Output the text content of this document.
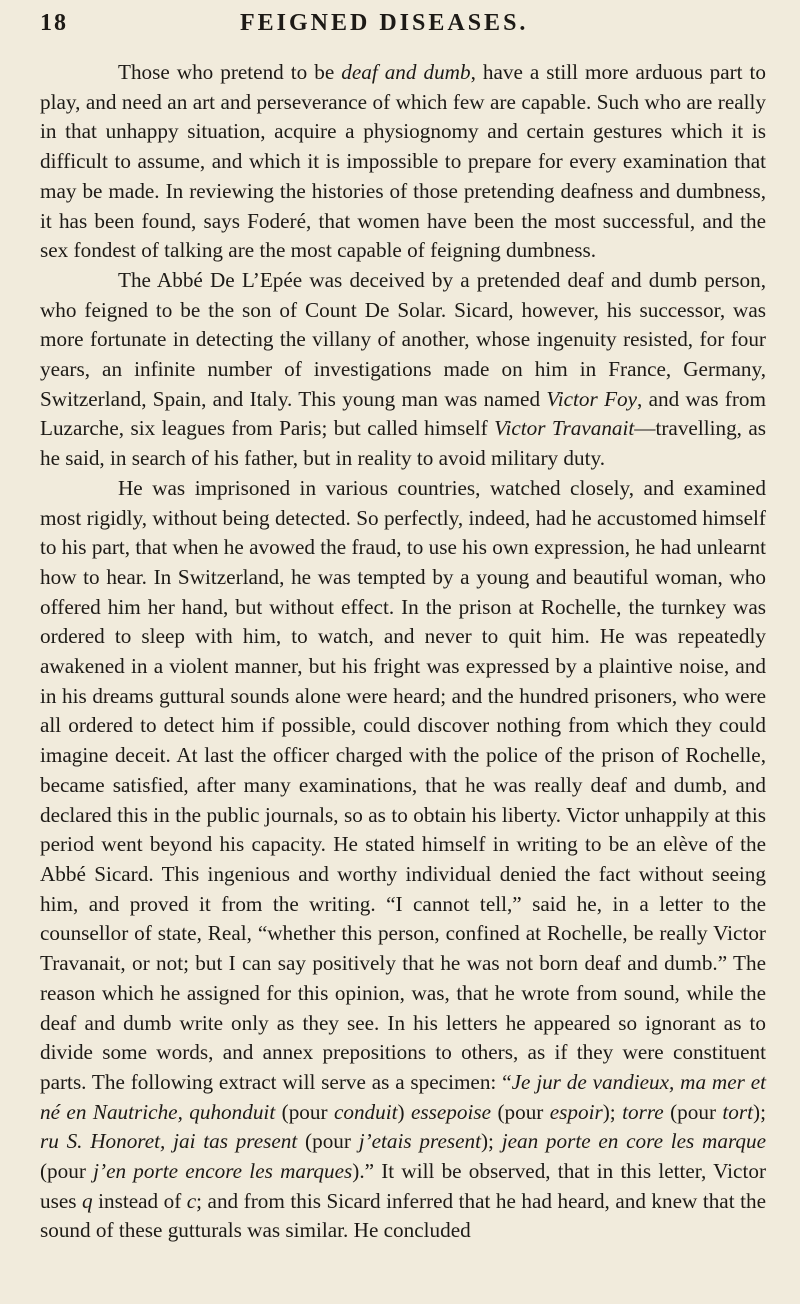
18	FEIGNED DISEASES.

Those who pretend to be deaf and dumb, have a still more arduous part to play, and need an art and perseverance of which few are capable. Such who are really in that unhappy situation, acquire a physiognomy and certain gestures which it is difficult to assume, and which it is impossible to prepare for every examination that may be made. In reviewing the histories of those pretending deafness and dumbness, it has been found, says Foderé, that women have been the most successful, and the sex fondest of talking are the most capable of feigning dumbness.

The Abbé De L’Epée was deceived by a pretended deaf and dumb person, who feigned to be the son of Count De Solar. Sicard, however, his successor, was more fortunate in detecting the villany of another, whose ingenuity resisted, for four years, an infinite number of investigations made on him in France, Germany, Switzerland, Spain, and Italy. This young man was named Victor Foy, and was from Luzarche, six leagues from Paris; but called himself Victor Travanait—travelling, as he said, in search of his father, but in reality to avoid military duty.

He was imprisoned in various countries, watched closely, and examined most rigidly, without being detected. So perfectly, indeed, had he accustomed himself to his part, that when he avowed the fraud, to use his own expression, he had unlearnt how to hear. In Switzerland, he was tempted by a young and beautiful woman, who offered him her hand, but without effect. In the prison at Rochelle, the turnkey was ordered to sleep with him, to watch, and never to quit him. He was repeatedly awakened in a violent manner, but his fright was expressed by a plaintive noise, and in his dreams guttural sounds alone were heard; and the hundred prisoners, who were all ordered to detect him if possible, could discover nothing from which they could imagine deceit. At last the officer charged with the police of the prison of Rochelle, became satisfied, after many examinations, that he was really deaf and dumb, and declared this in the public journals, so as to obtain his liberty. Victor unhappily at this period went beyond his capacity. He stated himself in writing to be an elève of the Abbé Sicard. This ingenious and worthy individual denied the fact without seeing him, and proved it from the writing. “I cannot tell,” said he, in a letter to the counsellor of state, Real, “whether this person, confined at Rochelle, be really Victor Travanait, or not; but I can say positively that he was not born deaf and dumb.” The reason which he assigned for this opinion, was, that he wrote from sound, while the deaf and dumb write only as they see. In his letters he appeared so ignorant as to divide some words, and annex prepositions to others, as if they were constituent parts. The following extract will serve as a specimen: “Je jur de vandieux, ma mer et né en Nautriche, quhonduit (pour conduit) essepoise (pour espoir); torre (pour tort); ru S. Honoret, jai tas present (pour j’etais present); jean porte en core les marque (pour j’en porte encore les marques).” It will be observed, that in this letter, Victor uses q instead of c; and from this Sicard inferred that he had heard, and knew that the sound of these gutturals was similar. He concluded
